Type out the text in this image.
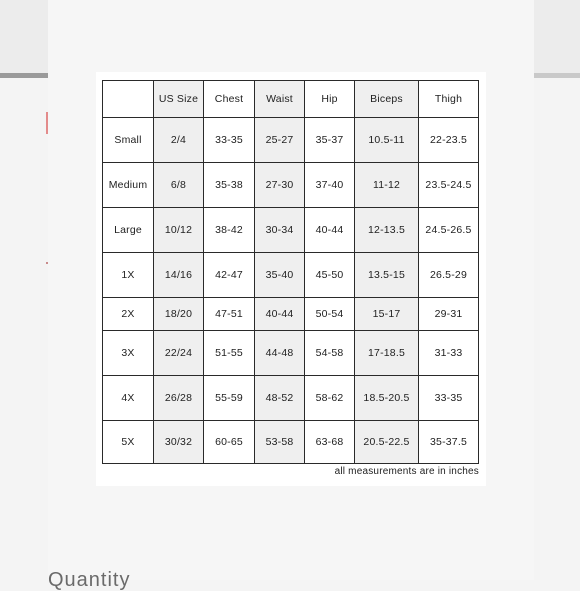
	US Size	Chest	Waist	Hip	Biceps	Thigh
Small	2/4	33-35	25-27	35-37	10.5-11	22-23.5
Medium	6/8	35-38	27-30	37-40	11-12	23.5-24.5
Large	10/12	38-42	30-34	40-44	12-13.5	24.5-26.5
1X	14/16	42-47	35-40	45-50	13.5-15	26.5-29
2X	18/20	47-51	40-44	50-54	15-17	29-31
3X	22/24	51-55	44-48	54-58	17-18.5	31-33
4X	26/28	55-59	48-52	58-62	18.5-20.5	33-35
5X	30/32	60-65	53-58	63-68	20.5-22.5	35-37.5
all measurements are in inches
Quantity
